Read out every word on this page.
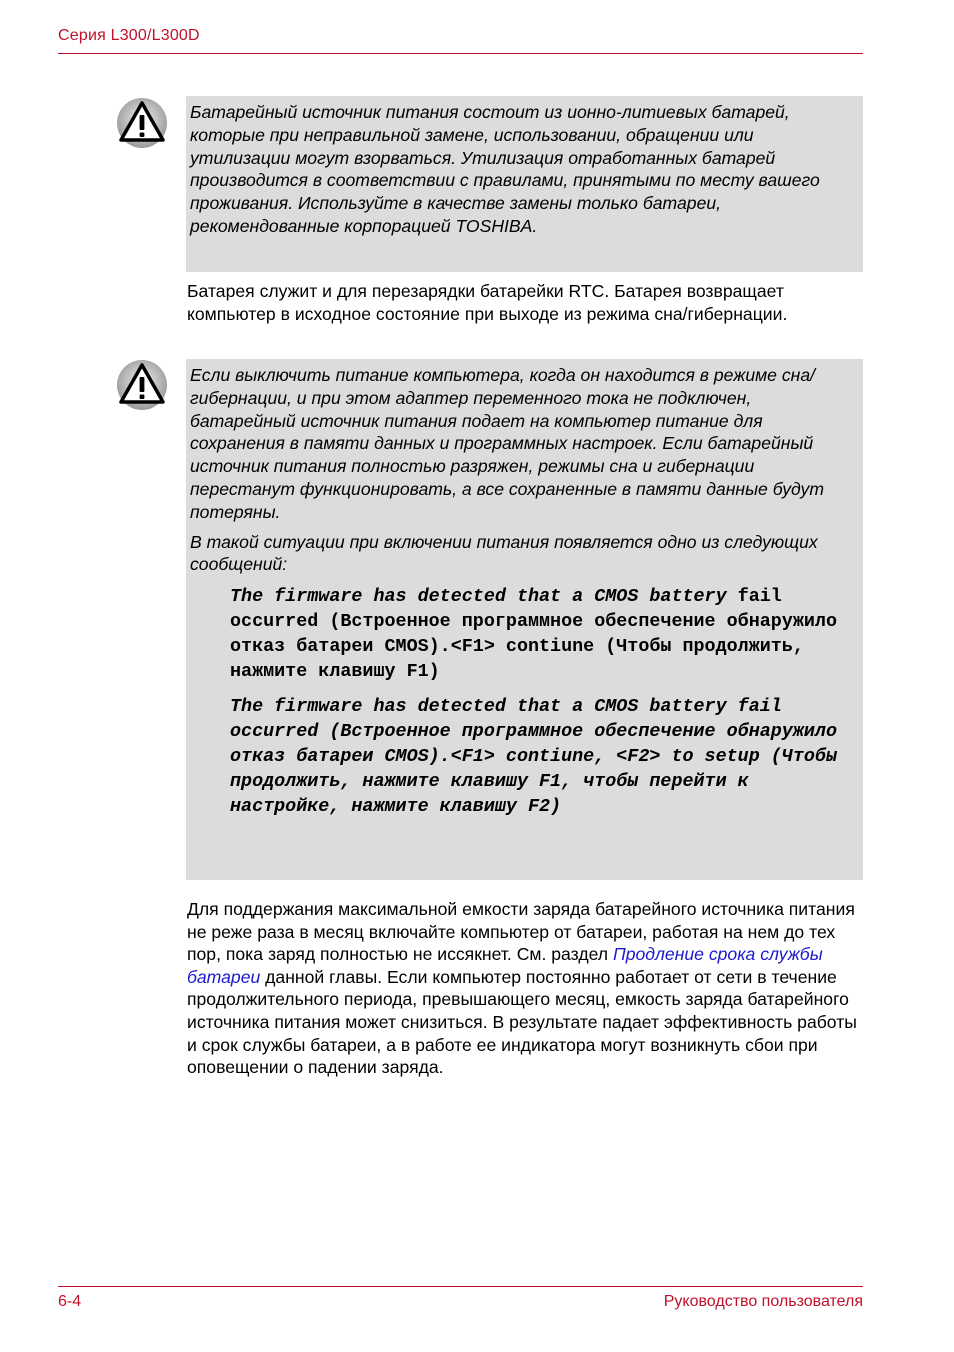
Серия L300/L300D

Батарейный источник питания состоит из ионно-литиевых батарей, которые при неправильной замене, использовании, обращении или утилизации могут взорваться. Утилизация отработанных батарей производится в соответствии с правилами, принятыми по месту вашего проживания. Используйте в качестве замены только батареи, рекомендованные корпорацией TOSHIBA.

Батарея служит и для перезарядки батарейки RTC. Батарея возвращает компьютер в исходное состояние при выходе из режима сна/гибернации.

Если выключить питание компьютера, когда он находится в режиме сна/гибернации, и при этом адаптер переменного тока не подключен, батарейный источник питания подает на компьютер питание для сохранения в памяти данных и программных настроек. Если батарейный источник питания полностью разряжен, режимы сна и гибернации перестанут функционировать, а все сохраненные в памяти данные будут потеряны.

В такой ситуации при включении питания появляется одно из следующих сообщений:

The firmware has detected that a CMOS battery fail occurred (Встроенное программное обеспечение обнаружило отказ батареи CMOS).<F1> contiune (Чтобы продолжить, нажмите клавишу F1)

The firmware has detected that a CMOS battery fail occurred (Встроенное программное обеспечение обнаружило отказ батареи CMOS).<F1> contiune, <F2> to setup (Чтобы продолжить, нажмите клавишу F1, чтобы перейти к настройке, нажмите клавишу F2)

Для поддержания максимальной емкости заряда батарейного источника питания не реже раза в месяц включайте компьютер от батареи, работая на нем до тех пор, пока заряд полностью не иссякнет. См. раздел Продление срока службы батареи данной главы. Если компьютер постоянно работает от сети в течение продолжительного периода, превышающего месяц, емкость заряда батарейного источника питания может снизиться. В результате падает эффективность работы и срок службы батареи, а в работе ее индикатора могут возникнуть сбои при оповещении о падении заряда.

6-4	Руководство пользователя
